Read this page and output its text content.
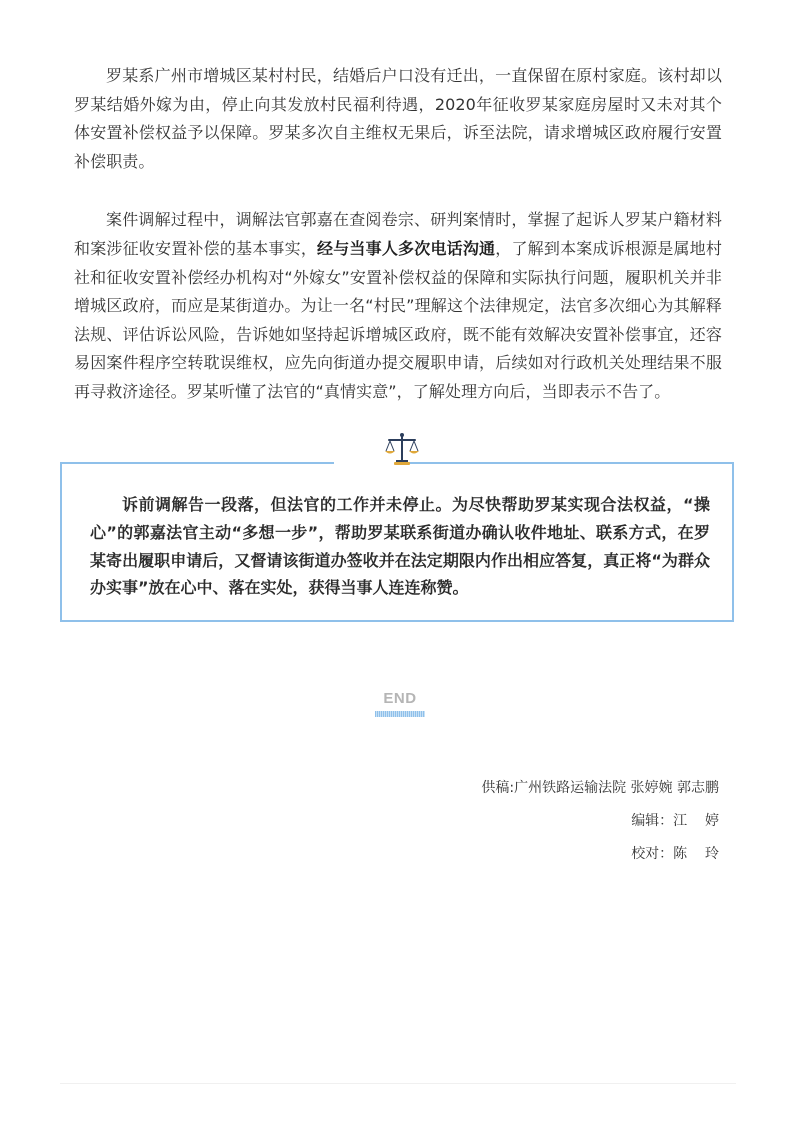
罗某系广州市增城区某村村民，结婚后户口没有迁出，一直保留在原村家庭。该村却以罗某结婚外嫁为由，停止向其发放村民福利待遇，2020年征收罗某家庭房屋时又未对其个体安置补偿权益予以保障。罗某多次自主维权无果后，诉至法院，请求增城区政府履行安置补偿职责。

案件调解过程中，调解法官郭嘉在查阅卷宗、研判案情时，掌握了起诉人罗某户籍材料和案涉征收安置补偿的基本事实，经与当事人多次电话沟通，了解到本案成诉根源是属地村社和征收安置补偿经办机构对“外嫁女”安置补偿权益的保障和实际执行问题，履职机关并非增城区政府，而应是某街道办。为让一名“村民”理解这个法律规定，法官多次细心为其解释法规、评估诉讼风险，告诉她如坚持起诉增城区政府，既不能有效解决安置补偿事宜，还容易因案件程序空转耽误维权，应先向街道办提交履职申请，后续如对行政机关处理结果不服再寻救济途径。罗某听懂了法官的“真情实意”，了解处理方向后，当即表示不告了。

诉前调解告一段落，但法官的工作并未停止。为尽快帮助罗某实现合法权益，“操心”的郭嘉法官主动“多想一步”，帮助罗某联系街道办确认收件地址、联系方式，在罗某寄出履职申请后，又督请该街道办签收并在法定期限内作出相应答复，真正将“为群众办实事”放在心中、落在实处，获得当事人连连称赞。

END
供稿:广州铁路运输法院 张婷婉 郭志鹏
编辑：江    婷
校对：陈    玲
